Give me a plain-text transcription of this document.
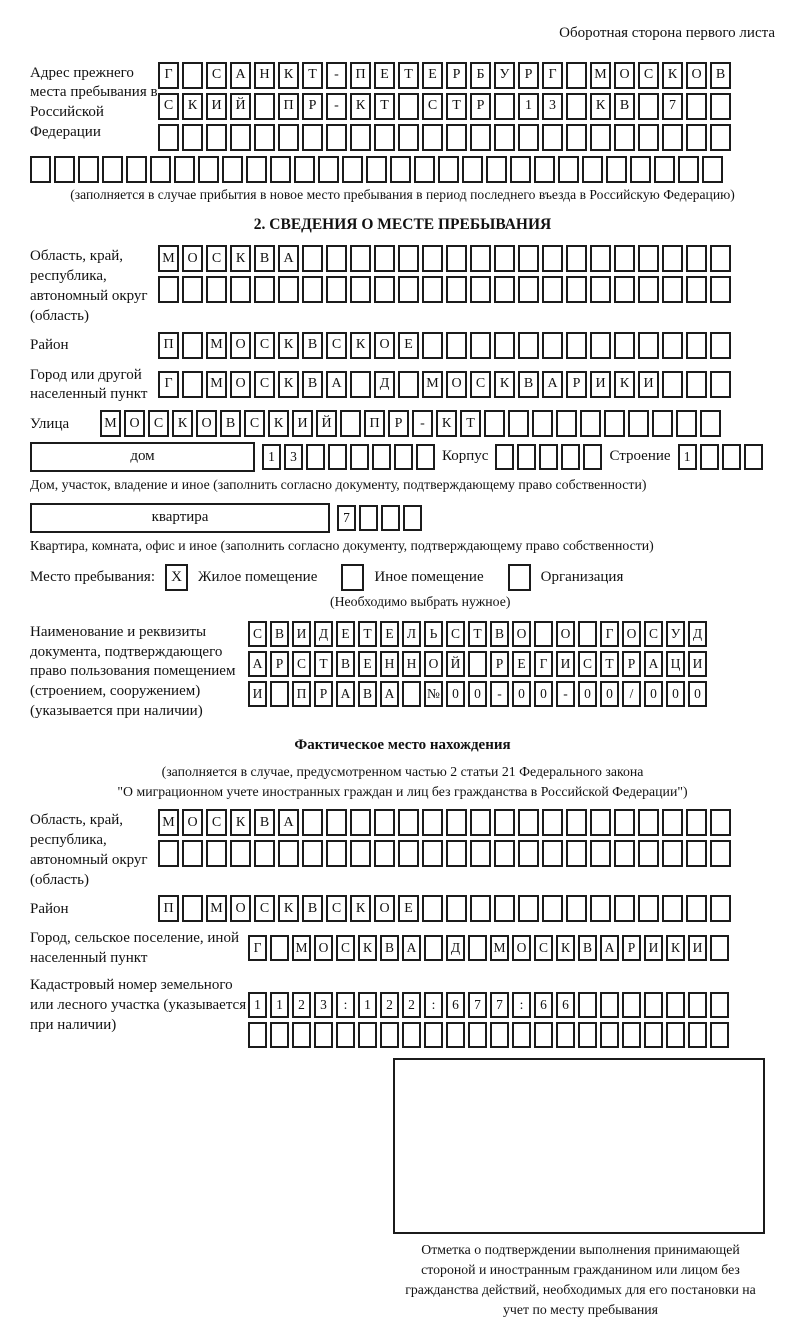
Оборотная сторона первого листа
Адрес прежнего места пребывания в Российской Федерации
Г	С	А Н	К	Т	-	П	Е	Т	Е	Р	Б	У	Р	Г	М О	С	К	О	В
С	К	И Й	П	Р	-	К	Т	С	Т	Р	1	3	К	В	7
(заполняется в случае прибытия в новое место пребывания в период последнего въезда в Российскую Федерацию)
2. СВЕДЕНИЯ О МЕСТЕ ПРЕБЫВАНИЯ
Область, край, республика, автономный округ (область)
М О	С	К	В	А
Район	П	М О	С	К	В	С	К	О	Е
Город или другой населенный пункт
Г	М О	С	К	В	А	Д	М О	С	К	В	А	Р	И	К	И
Улица	М О	С	К	О	В	С	К	И Й	П	Р	-	К	Т
дом	1	3	Корпус	Строение 1
Дом, участок, владение и иное (заполнить согласно документу, подтверждающему право собственности)
квартира	7
Квартира, комната, офис и иное (заполнить согласно документу, подтверждающему право собственности)
Место пребывания:	X	Жилое помещение	Иное помещение	Организация
(Необходимо выбрать нужное)
Наименование и реквизиты документа, подтверждающего право пользования помещением (строением, сооружением) (указывается при наличии)
С В И Д Е	Т	Е Л	Ь	С Т В О	О	Г О С У Д
А Р	С Т В Е Н Н О Й	Р	Е	Г И С Т	Р А Ц И
И	П Р А В А	№ 0	0	-	0	0	-	0	0	/	0	0	0
Фактическое место нахождения
(заполняется в случае, предусмотренном частью 2 статьи 21 Федерального закона
"О миграционном учете иностранных граждан и лиц без гражданства в Российской Федерации")
Область, край, республика, автономный округ (область)
М О	С	К	В	А
Район	П	М О	С	К	В	С	К	О	Е
Город, сельское поселение, иной населенный пункт
Г	М О С К В А	Д	М О С К В А Р И К И
Кадастровый номер земельного или лесного участка (указывается при наличии)
1	1	2	3	:	1	2	2	:	6	7	7	:	6	6
Отметка о подтверждении выполнения принимающей стороной и иностранным гражданином или лицом без гражданства действий, необходимых для его постановки на учет по месту пребывания
